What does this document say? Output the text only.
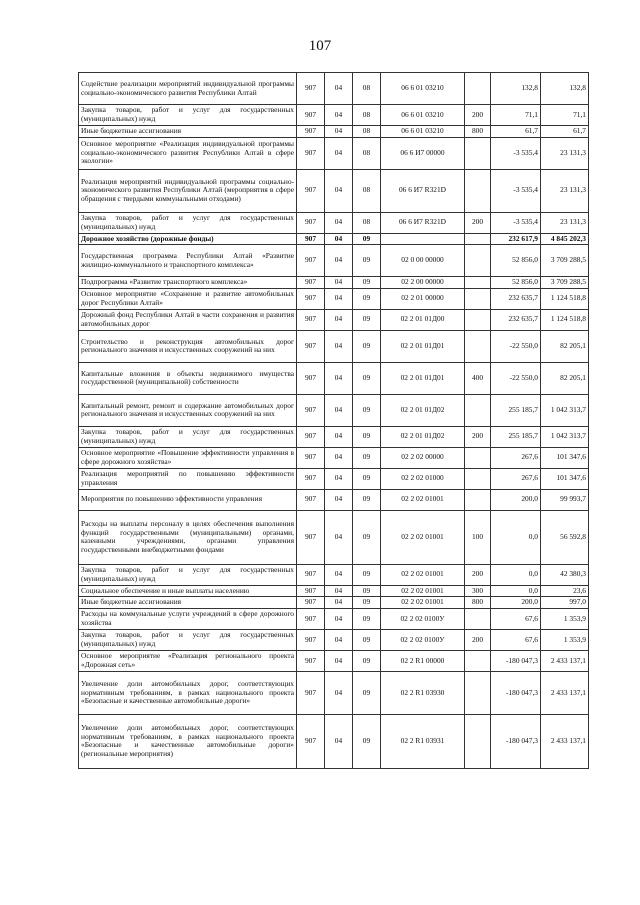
107
Содействие реализации мероприятий индивидуальной программы социально-экономического развития Республики Алтай	907	04	08	06 6 01 03210		132,8	132,8
Закупка товаров, работ и услуг для государственных (муниципальных) нужд	907	04	08	06 6 01 03210	200	71,1	71,1
Иные бюджетные ассигнования	907	04	08	06 6 01 03210	800	61,7	61,7
Основное мероприятие «Реализация индивидуальной программы социально-экономического развития Республики Алтай в сфере экологии»	907	04	08	06 6 И7 00000		-3 535,4	23 131,3
Реализация мероприятий индивидуальной программы социально-экономического развития Республики Алтай (мероприятия в сфере обращения с твердыми коммунальными отходами)	907	04	08	06 6 И7 R321D		-3 535,4	23 131,3
Закупка товаров, работ и услуг для государственных (муниципальных) нужд	907	04	08	06 6 И7 R321D	200	-3 535,4	23 131,3
Дорожное хозяйство (дорожные фонды)	907	04	09			232 617,9	4 845 202,3
Государственная программа Республики Алтай «Развитие жилищно-коммунального и транспортного комплекса»	907	04	09	02 0 00 00000		52 856,0	3 709 288,5
Подпрограмма «Развитие транспортного комплекса»	907	04	09	02 2 00 00000		52 856,0	3 709 288,5
Основное мероприятие «Сохранение и развитие автомобильных дорог Республики Алтай»	907	04	09	02 2 01 00000		232 635,7	1 124 518,8
Дорожный фонд Республики Алтай в части сохранения и развития автомобильных дорог	907	04	09	02 2 01 01Д00		232 635,7	1 124 518,8
Строительство и реконструкция автомобильных дорог регионального значения и искусственных сооружений на них	907	04	09	02 2 01 01Д01		-22 550,0	82 205,1
Капитальные вложения в объекты недвижимого имущества государственной (муниципальной) собственности	907	04	09	02 2 01 01Д01	400	-22 550,0	82 205,1
Капитальный ремонт, ремонт и содержание автомобильных дорог регионального значения и искусственных сооружений на них	907	04	09	02 2 01 01Д02		255 185,7	1 042 313,7
Закупка товаров, работ и услуг для государственных (муниципальных) нужд	907	04	09	02 2 01 01Д02	200	255 185,7	1 042 313,7
Основное мероприятие «Повышение эффективности управления в сфере дорожного хозяйства»	907	04	09	02 2 02 00000		267,6	101 347,6
Реализация мероприятий по повышению эффективности управления	907	04	09	02 2 02 01000		267,6	101 347,6
Мероприятия по повышению эффективности управления	907	04	09	02 2 02 01001		200,0	99 993,7
Расходы на выплаты персоналу в целях обеспечения выполнения функций государственными (муниципальными) органами, казенными учреждениями, органами управления государственными внебюджетными фондами	907	04	09	02 2 02 01001	100	0,0	56 592,8
Закупка товаров, работ и услуг для государственных (муниципальных) нужд	907	04	09	02 2 02 01001	200	0,0	42 380,3
Социальное обеспечение и иные выплаты населению	907	04	09	02 2 02 01001	300	0,0	23,6
Иные бюджетные ассигнования	907	04	09	02 2 02 01001	800	200,0	997,0
Расходы на коммунальные услуги учреждений в сфере дорожного хозяйства	907	04	09	02 2 02 0100У		67,6	1 353,9
Закупка товаров, работ и услуг для государственных (муниципальных) нужд	907	04	09	02 2 02 0100У	200	67,6	1 353,9
Основное мероприятие «Реализация регионального проекта «Дорожная сеть»	907	04	09	02 2 R1 00000		-180 047,3	2 433 137,1
Увеличение доли автомобильных дорог, соответствующих нормативным требованиям, в рамках национального проекта «Безопасные и качественные автомобильные дороги»	907	04	09	02 2 R1 03930		-180 047,3	2 433 137,1
Увеличение доли автомобильных дорог, соответствующих нормативным требованиям, в рамках национального проекта «Безопасные и качественные автомобильные дороги» (региональные мероприятия)	907	04	09	02 2 R1 03931		-180 047,3	2 433 137,1
